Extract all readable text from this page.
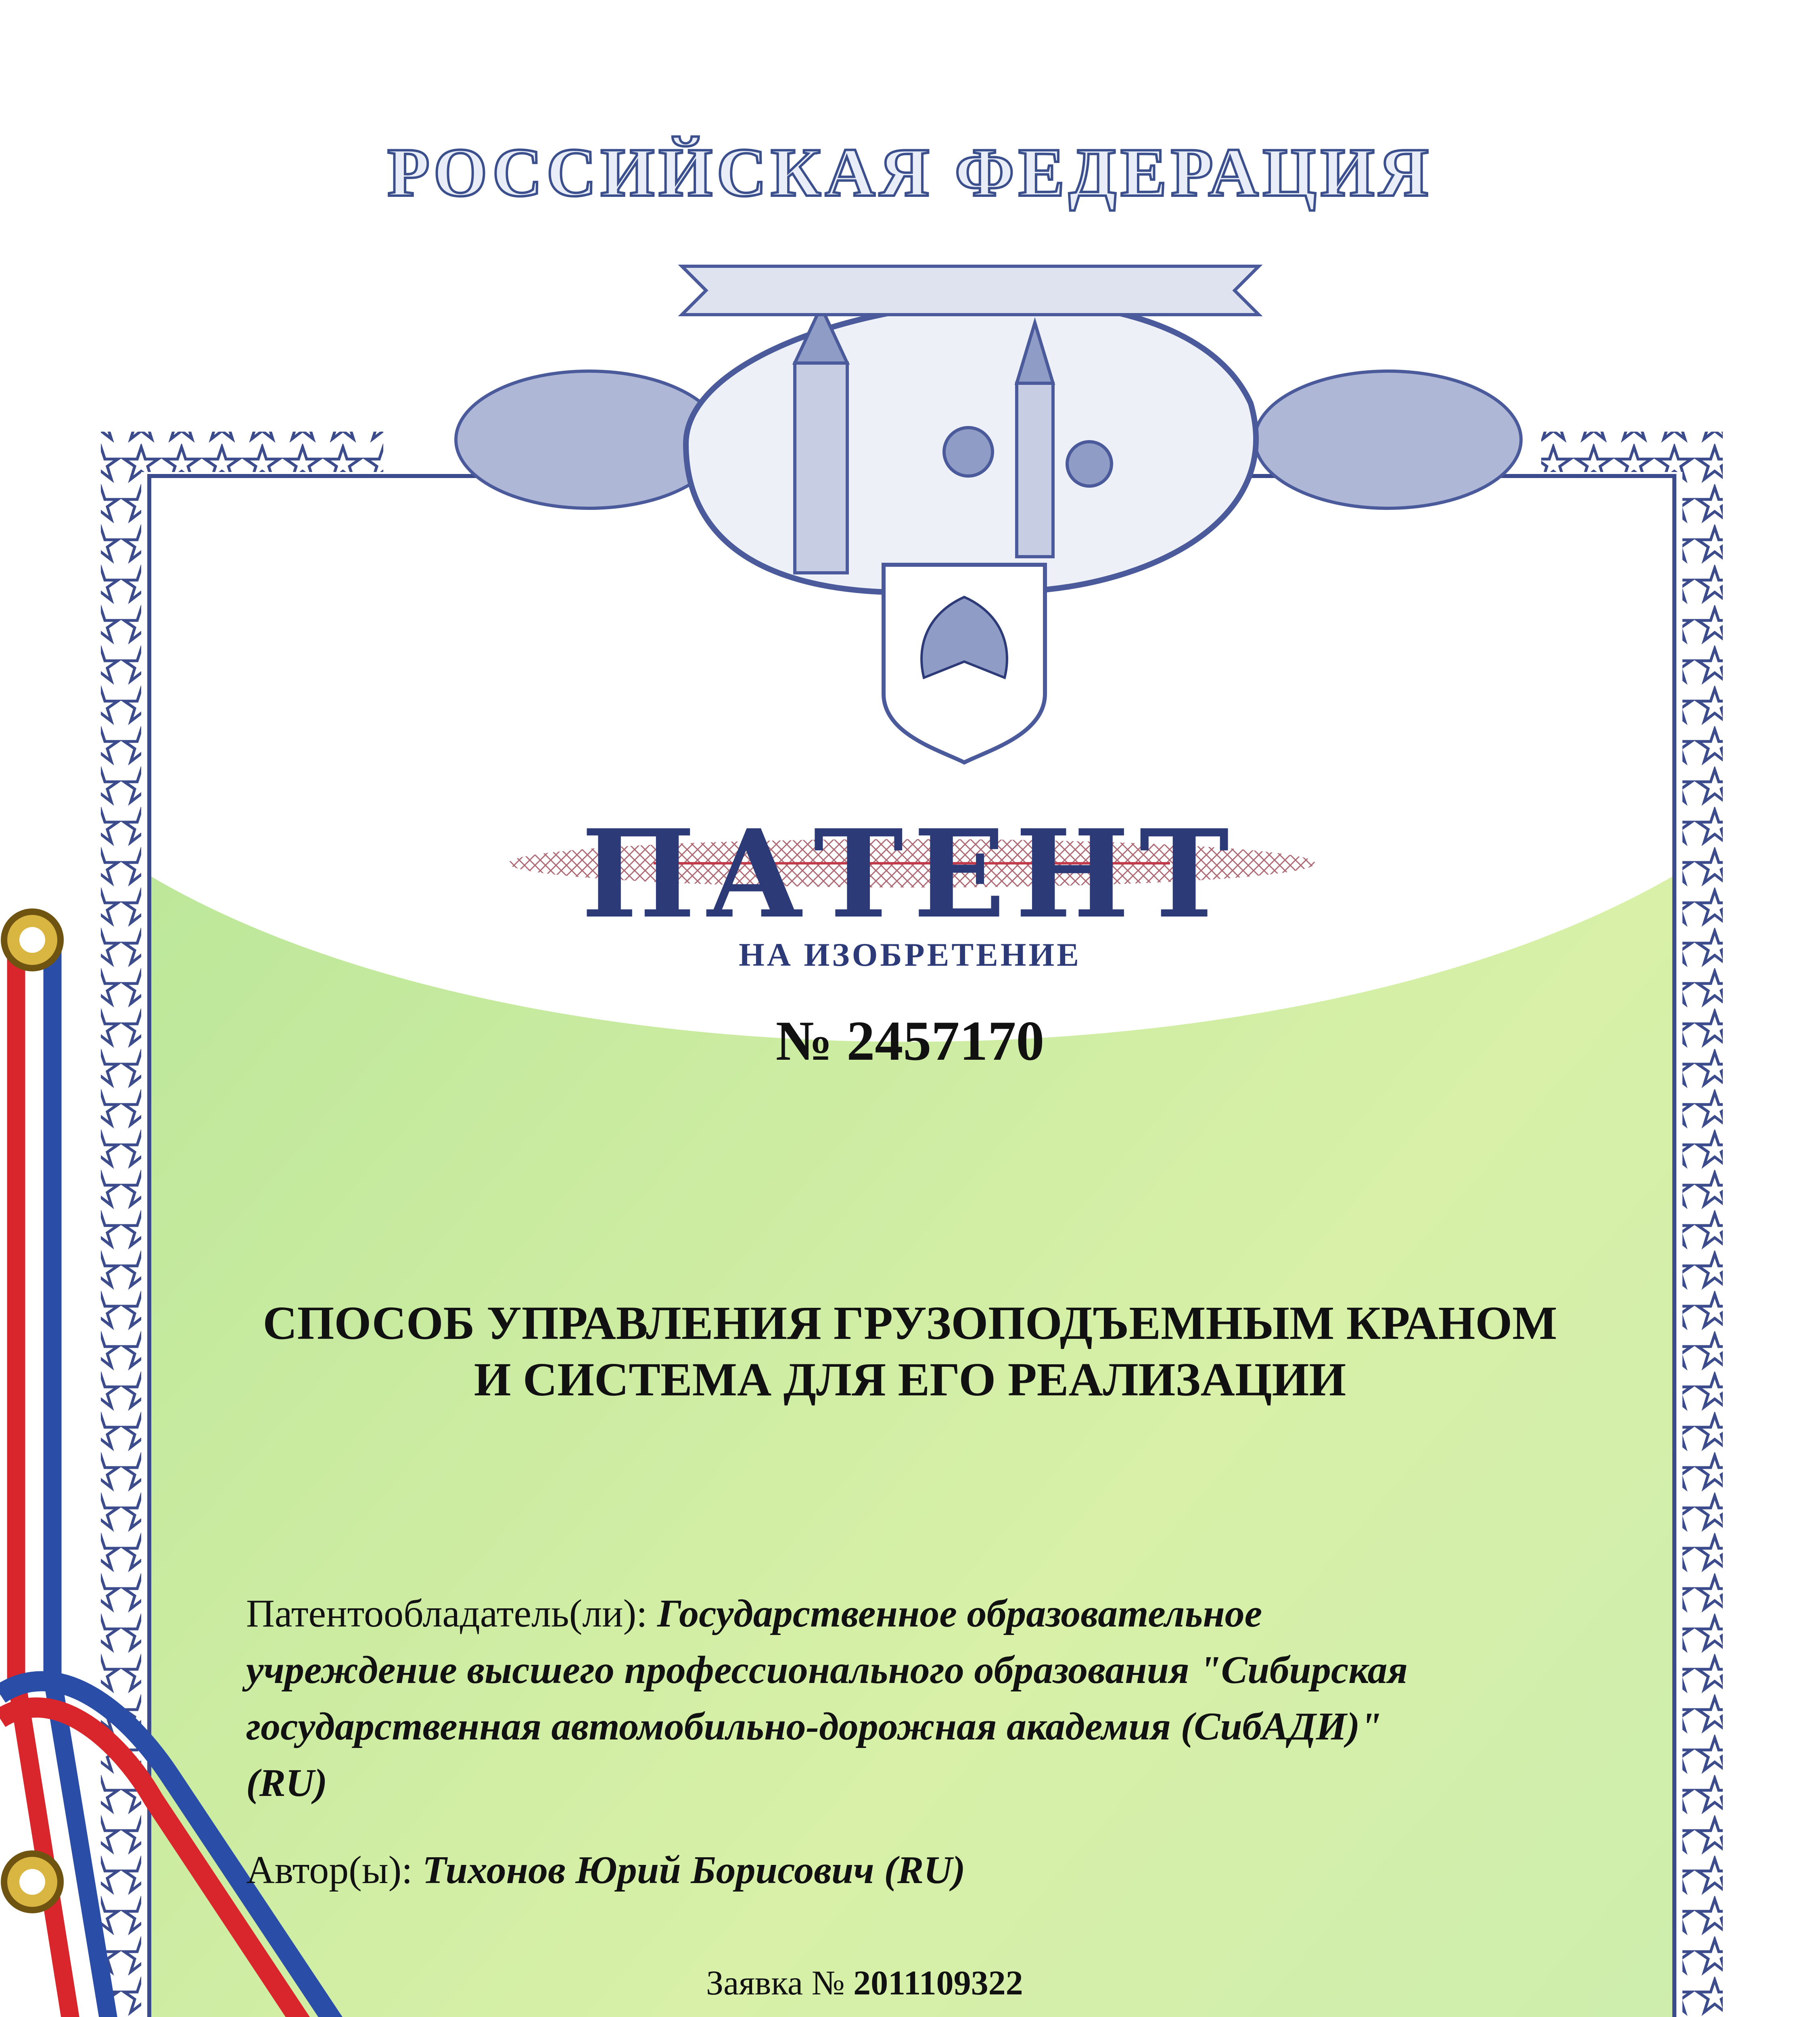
РОССИЙСКАЯ ФЕДЕРАЦИЯ
ПАТЕНТ
НА ИЗОБРЕТЕНИЕ
№ 2457170
СПОСОБ УПРАВЛЕНИЯ ГРУЗОПОДЪЕМНЫМ КРАНОМ
И СИСТЕМА ДЛЯ ЕГО РЕАЛИЗАЦИИ
Патентообладатель(ли): Государственное образовательное
учреждение высшего профессионального образования "Сибирская
государственная автомобильно-дорожная академия (СибАДИ)"
(RU)
Автор(ы): Тихонов Юрий Борисович (RU)
Заявка № 2011109322
